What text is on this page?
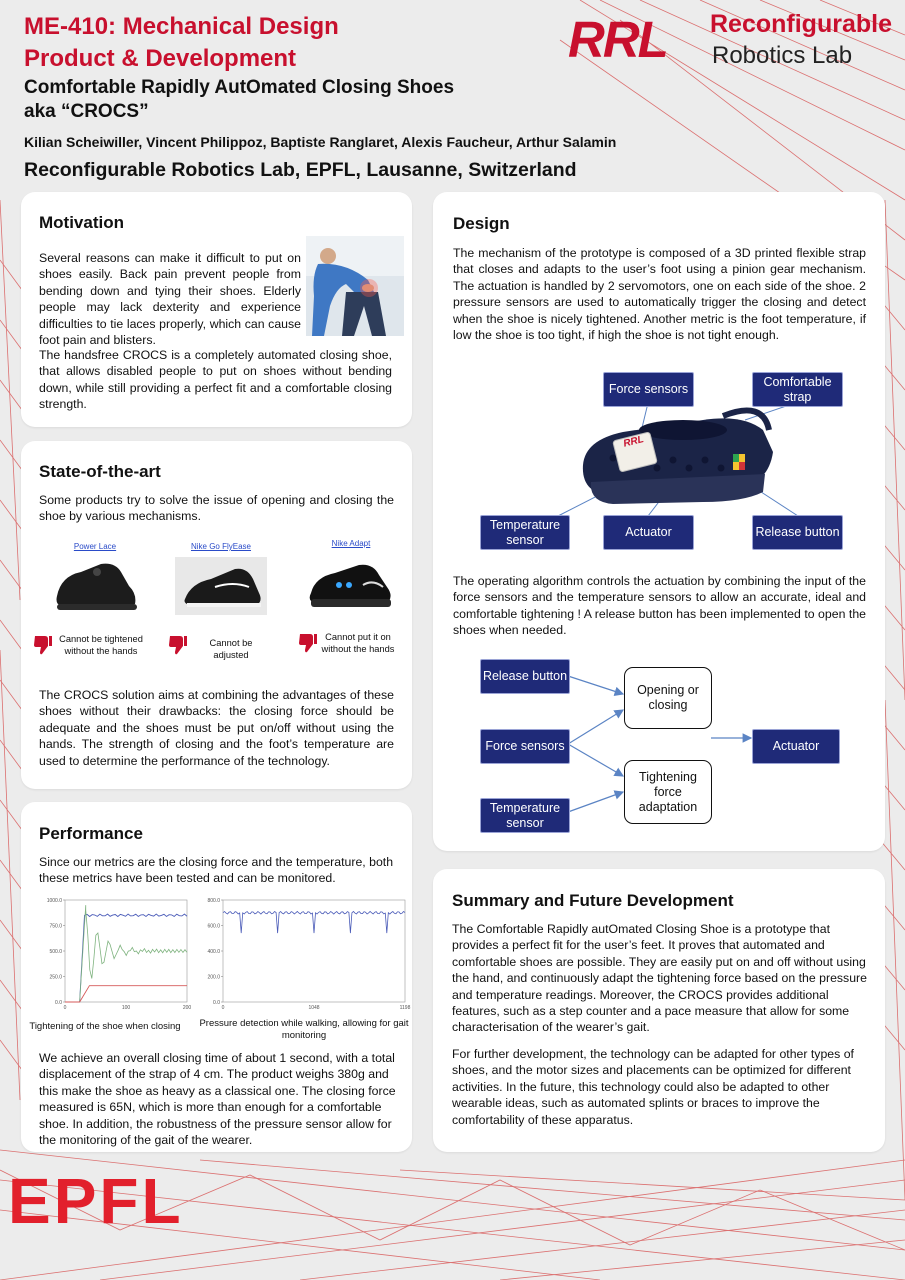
ME-410: Mechanical Design
Product & Development
Comfortable Rapidly AutOmated Closing Shoes
aka “CROCS”
Kilian Scheiwiller, Vincent Philippoz, Baptiste Ranglaret, Alexis Faucheur, Arthur Salamin
Reconfigurable Robotics Lab, EPFL, Lausanne, Switzerland
RRL	Reconfigurable
Robotics Lab
Motivation
Several reasons can make it difficult to put on shoes easily. Back pain prevent people from bending down and tying their shoes. Elderly people may lack dexterity and experience difficulties to tie laces properly, which can cause foot pain and blisters.
The handsfree CROCS is a completely automated closing shoe, that allows disabled people to put on shoes without bending down, while still providing a perfect fit and a comfortable closing strength.
State-of-the-art
Some products try to solve the issue of opening and closing the shoe by various mechanisms.
Power Lace	Nike Go FlyEase	Nike Adapt
Cannot be tightened without the hands
Cannot be adjusted
Cannot put it on without the hands
The CROCS solution aims at combining the advantages of these shoes without their drawbacks: the closing force should be adequate and the shoes must be put on/off without using the hands. The strength of closing and the foot’s temperature are used to determine the performance of the technology.
Performance
Since our metrics are the closing force and the temperature, both these metrics have been tested and can be monitored.
0.0
250.0
500.0
750.0
1000.0
0	100	200
0.0
200.0
400.0
600.0
800.0
0	1048	1198
Tightening of the shoe when closing	Pressure detection while walking, allowing for gait monitoring
We achieve an overall closing time of about 1 second, with a total displacement of the strap of 4 cm. The product weighs 380g and this make the shoe as heavy as a classical one. The closing force measured is 65N, which is more than enough for a comfortable shoe. In addition, the robustness of the pressure sensor allow for the monitoring of the gait of the wearer.
Design
The mechanism of the prototype is composed of a 3D printed flexible strap that closes and adapts to the user’s foot using a pinion gear mechanism. The actuation is handled by 2 servomotors, one on each side of the shoe. 2 pressure sensors are used to automatically trigger the closing and detect when the shoe is nicely tightened. Another metric is the foot temperature, if low the shoe is too tight, if high the shoe is not tight enough.
RRL
Force sensors
Comfortable strap
Temperature sensor
Actuator	Release button
The operating algorithm controls the actuation by combining the input of the force sensors and the temperature sensors to allow an accurate, ideal and comfortable tightening ! A release button has been implemented to open the shoes when needed.
Release button
Force sensors
Temperature sensor
Opening or closing
Tightening force adaptation
Actuator
Summary and Future Development
The Comfortable Rapidly autOmated Closing Shoe is a prototype that provides a perfect fit for the user’s feet. It proves that automated and comfortable shoes are possible. They are easily put on and off without using the hand, and continuously adapt the tightening force based on the pressure and temperature readings. Moreover, the CROCS provides additional features, such as a step counter and a pace measure that allow for some characterisation of the wearer’s gait.
For further development, the technology can be adapted for other types of shoes, and the motor sizes and placements can be optimized for different activities. In the future, this technology could also be adapted to other wearable ideas, such as automated splints or braces to improve the comfortability of these apparatus.
EPFL
